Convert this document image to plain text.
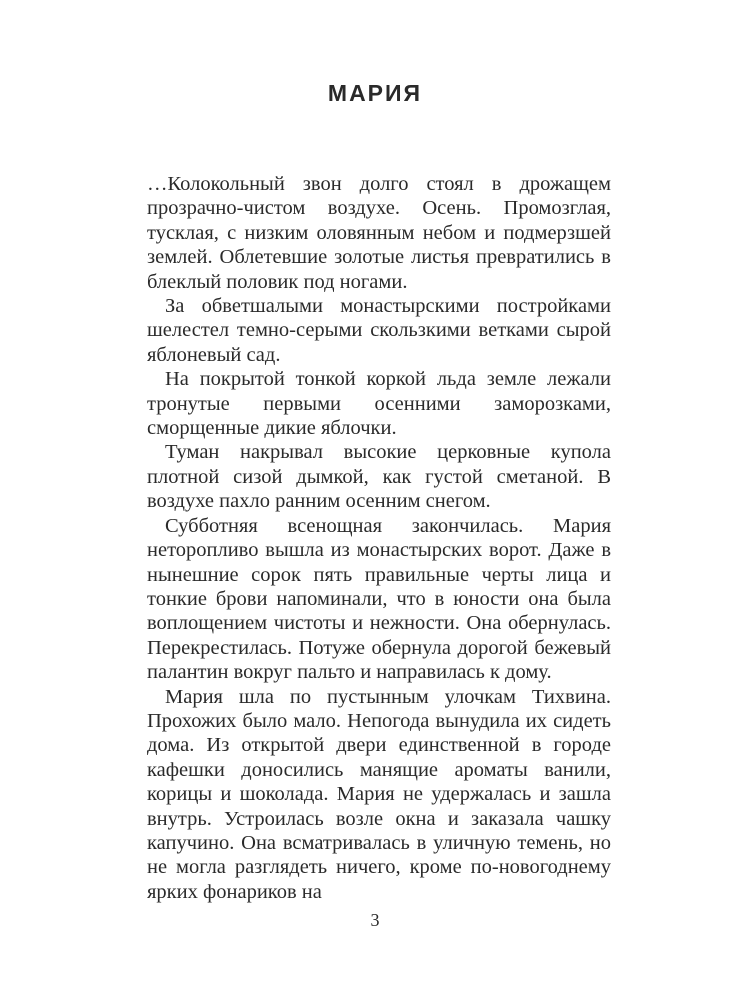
МАРИЯ

…Колокольный звон долго стоял в дрожащем прозрачно-чистом воздухе. Осень. Промозглая, тусклая, с низким оловянным небом и подмерзшей землей. Облетевшие золотые листья превратились в блеклый половик под ногами.

За обветшалыми монастырскими постройками шелестел темно-серыми скользкими ветками сырой яблоневый сад.

На покрытой тонкой коркой льда земле лежали тронутые первыми осенними заморозками, сморщенные дикие яблочки.

Туман накрывал высокие церковные купола плотной сизой дымкой, как густой сметаной. В воздухе пахло ранним осенним снегом.

Субботняя всенощная закончилась. Мария неторопливо вышла из монастырских ворот. Даже в нынешние сорок пять правильные черты лица и тонкие брови напоминали, что в юности она была воплощением чистоты и нежности. Она обернулась. Перекрестилась. Потуже обернула дорогой бежевый палантин вокруг пальто и направилась к дому.

Мария шла по пустынным улочкам Тихвина. Прохожих было мало. Непогода вынудила их сидеть дома. Из открытой двери единственной в городе кафешки доносились манящие ароматы ванили, корицы и шоколада. Мария не удержалась и зашла внутрь. Устроилась возле окна и заказала чашку капучино. Она всматривалась в уличную темень, но не могла разглядеть ничего, кроме по-новогоднему ярких фонариков на

3
